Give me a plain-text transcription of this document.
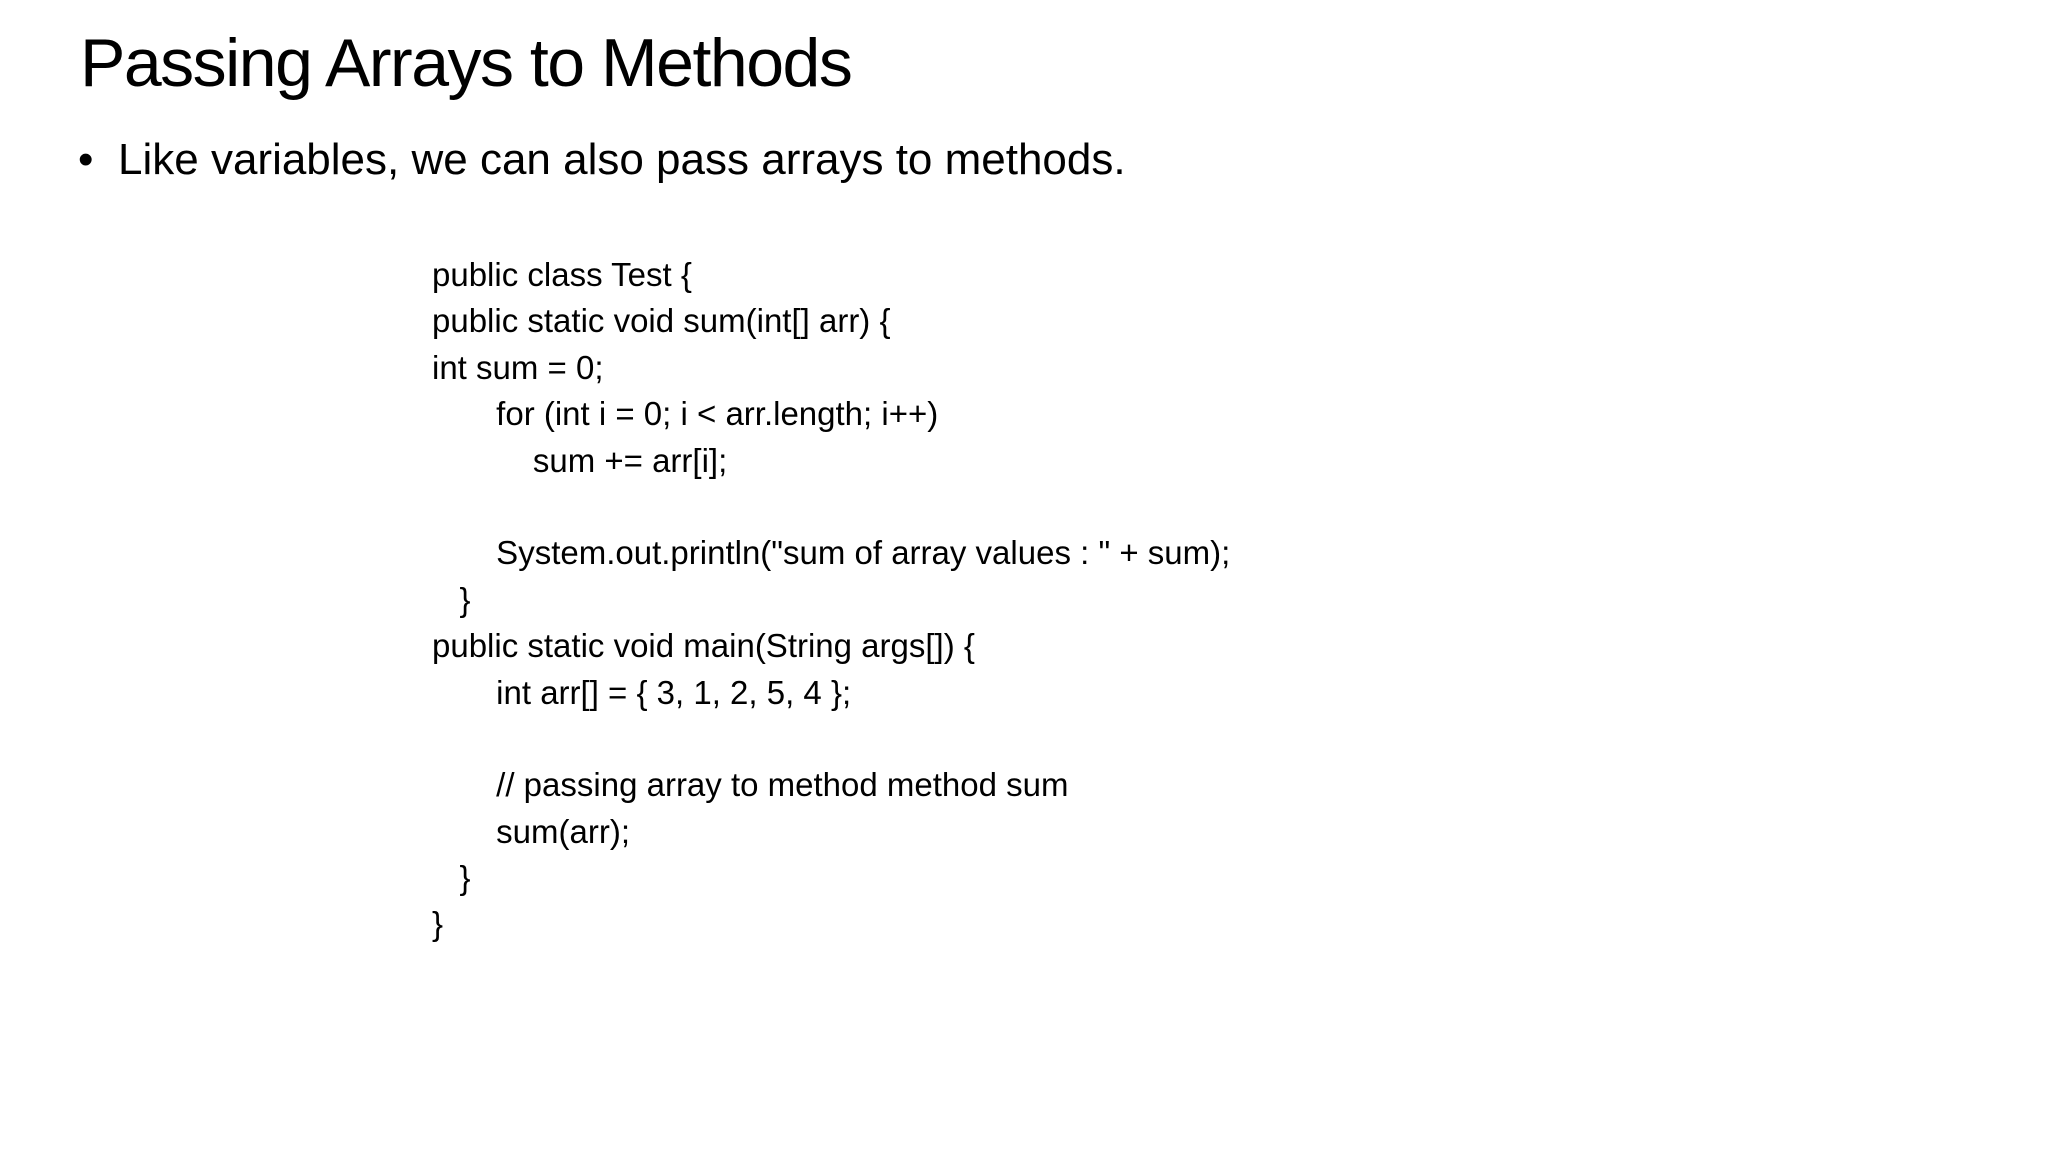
Passing Arrays to Methods
• Like variables, we can also pass arrays to methods.
public class Test {
public static void sum(int[] arr) {
int sum = 0;
for (int i = 0; i < arr.length; i++)
sum += arr[i];
System.out.println("sum of array values : " + sum);
}
public static void main(String args[]) {
int arr[] = { 3, 1, 2, 5, 4 };
// passing array to method method sum
sum(arr);
}
}
